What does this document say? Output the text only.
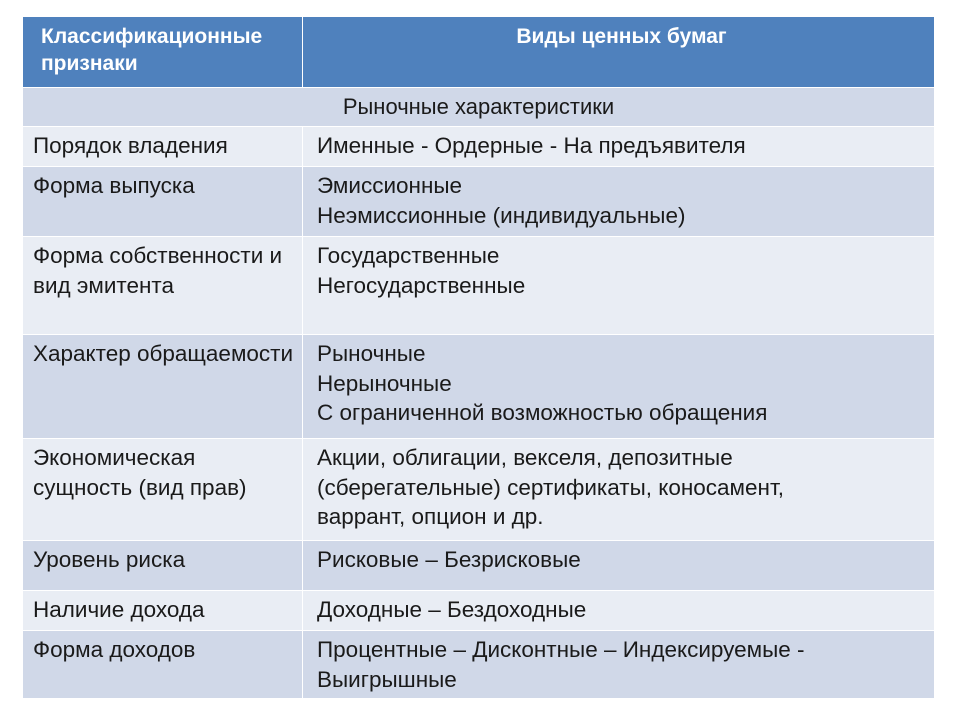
Классификационные признаки	Виды ценных бумаг

Рыночные характеристики	

Порядок владения	Именные - Ордерные - На предъявителя

Форма выпуска	Эмиссионные
Неэмиссионные (индивидуальные)

Форма собственности и вид эмитента	Государственные
Негосударственные

Характер обращаемости	Рыночные
Нерыночные
С ограниченной возможностью обращения

Экономическая сущность (вид прав)	Акции, облигации, векселя, депозитные
(сберегательные) сертификаты, коносамент,
варрант, опцион и др.

Уровень риска	Рисковые – Безрисковые

Наличие дохода	Доходные – Бездоходные

Форма доходов	Процентные – Дисконтные – Индексируемые -
Выигрышные
